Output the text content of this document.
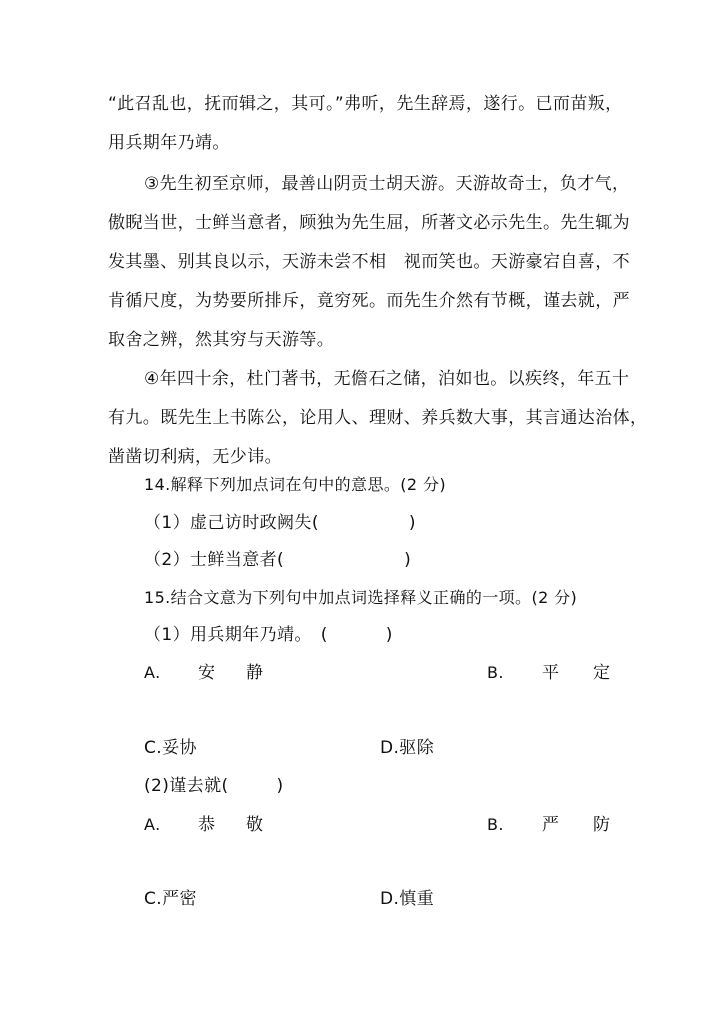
“此召乱也，抚而辑之，其可。”弗听，先生辞焉，遂行。已而苗叛，
用兵期年乃靖。
③先生初至京师，最善山阴贡士胡天游。天游故奇士，负才气，
傲睨当世，士鲜当意者，顾独为先生屈，所著文必示先生。先生辄为
发其墨、别其良以示，天游未尝不相　视而笑也。天游豪宕自喜，不
肯循尺度，为势要所排斥，竟穷死。而先生介然有节概，谨去就，严
取舍之辨，然其穷与天游等。
④年四十余，杜门著书，无儋石之储，泊如也。以疾终，年五十
有九。既先生上书陈公，论用人、理财、养兵数大事，其言通达治体，
凿凿切利病，无少讳。
14.解释下列加点词在句中的意思。(2 分)
（1）虚己访时政阙失(	)
（2）士鲜当意者(	)
15.结合文意为下列句中加点词选择释义正确的一项。(2 分)
（1）用兵期年乃靖。　(	)
A. 安 静	B. 平 定
C.妥协	D.驱除
(2)谨去就(	)
A. 恭 敬	B. 严 防
C.严密	D.慎重
